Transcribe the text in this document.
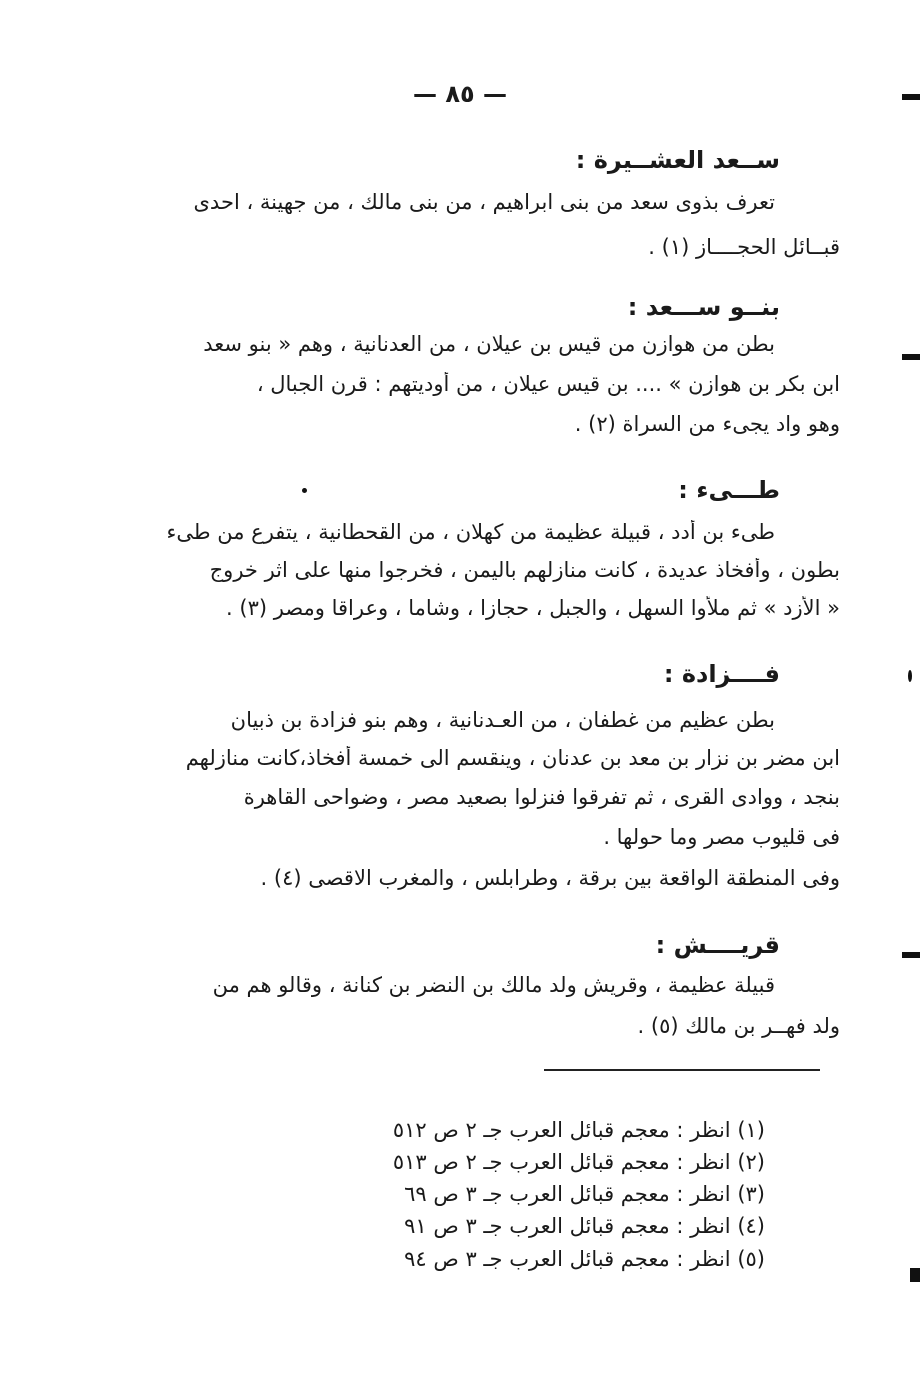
— ٨٥ —
ســعد العشــيرة :
تعرف بذوى سعد من بنى ابراهيم ، من بنى مالك ، من جهينة ، احدى
قبــائل الحجــــاز (١) .
بنــو ســـعد :
بطن من هوازن من قيس بن عيلان ، من العدنانية ، وهم « بنو سعد
ابن بكر بن هوازن » .... بن قيس عيلان ، من أوديتهم : قرن الجبال ،
وهو واد يجىء من السراة (٢) .
طـــىء :
طىء بن أدد ، قبيلة عظيمة من كهلان ، من القحطانية ، يتفرع من طىء
بطون ، وأفخاذ عديدة ، كانت منازلهم باليمن ، فخرجوا منها على اثر خروج
« الأزد » ثم ملأوا السهل ، والجبل ، حجازا ، وشاما ، وعراقا ومصر (٣) .
فــــزادة :
بطن عظيم من غطفان ، من العـدنانية ، وهم بنو فزادة بن ذبيان
ابن مضر بن نزار بن معد بن عدنان ، وينقسم الى خمسة أفخاذ،كانت منازلهم
بنجد ، ووادى القرى ، ثم تفرقوا فنزلوا بصعيد مصر ، وضواحى القاهرة
فى قليوب مصر وما حولها .
وفى المنطقة الواقعة بين برقة ، وطرابلس ، والمغرب الاقصى (٤) .
قريــــش :
قبيلة عظيمة ، وقريش ولد مالك بن النضر بن كنانة ، وقالو هم من
ولد فهــر بن مالك (٥) .
(١) انظر : معجم قبائل العرب جـ ٢ ص ٥١٢
(٢) انظر : معجم قبائل العرب جـ ٢ ص ٥١٣
(٣) انظر : معجم قبائل العرب جـ ٣ ص ٦٩
(٤) انظر : معجم قبائل العرب جـ ٣ ص ٩١
(٥) انظر : معجم قبائل العرب جـ ٣ ص ٩٤
